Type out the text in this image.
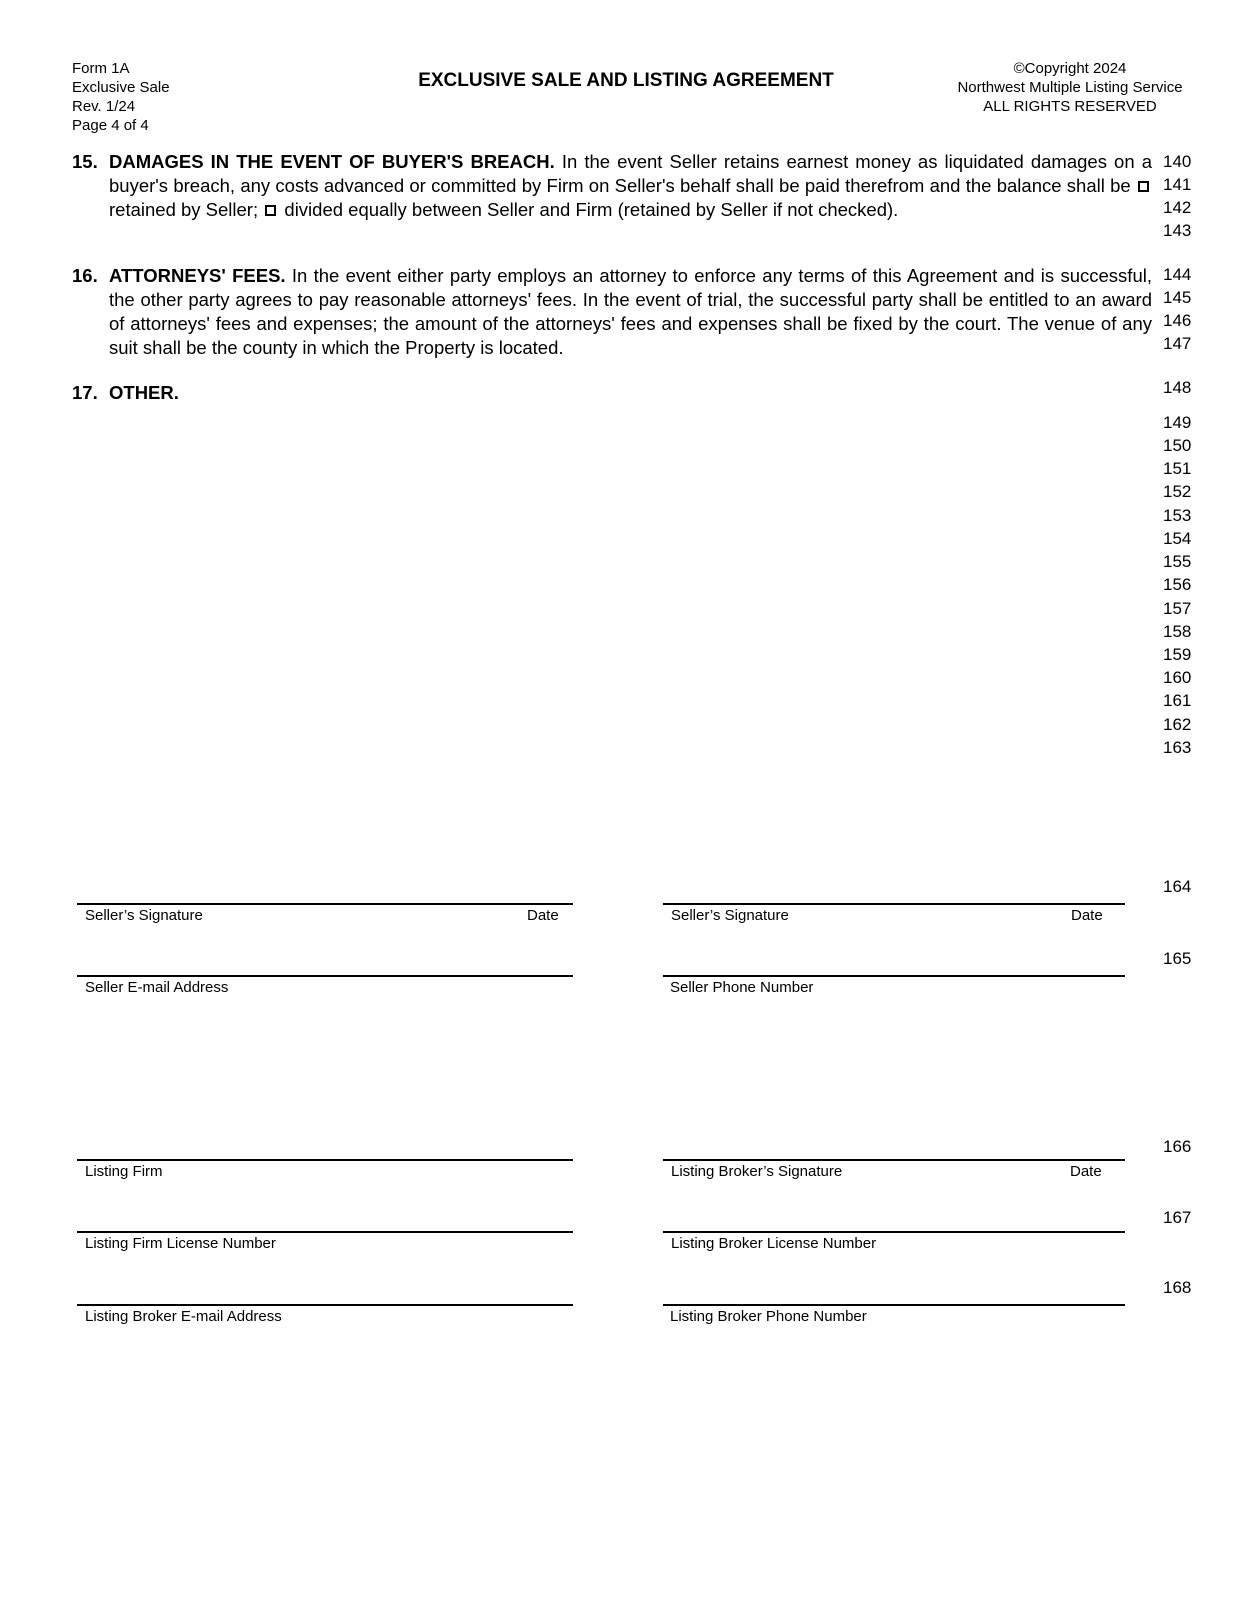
Form 1A
Exclusive Sale
Rev. 1/24
Page 4 of 4
EXCLUSIVE SALE AND LISTING AGREEMENT
©Copyright 2024
Northwest Multiple Listing Service
ALL RIGHTS RESERVED
15. DAMAGES IN THE EVENT OF BUYER'S BREACH. In the event Seller retains earnest money as liquidated damages on a buyer's breach, any costs advanced or committed by Firm on Seller's behalf shall be paid therefrom and the balance shall be  retained by Seller;  divided equally between Seller and Firm (retained by Seller if not checked).
16. ATTORNEYS' FEES. In the event either party employs an attorney to enforce any terms of this Agreement and is successful, the other party agrees to pay reasonable attorneys' fees. In the event of trial, the successful party shall be entitled to an award of attorneys' fees and expenses; the amount of the attorneys' fees and expenses shall be fixed by the court. The venue of any suit shall be the county in which the Property is located.
17. OTHER.
140
141
142
143
144
145
146
147
148
149
150
151
152
153
154
155
156
157
158
159
160
161
162
163
164
165
166
167
168
Seller’s Signature	Date	Seller’s Signature	Date
Seller E-mail Address	Seller Phone Number
Listing Firm	Listing Broker’s Signature	Date
Listing Firm License Number	Listing Broker License Number
Listing Broker E-mail Address	Listing Broker Phone Number
